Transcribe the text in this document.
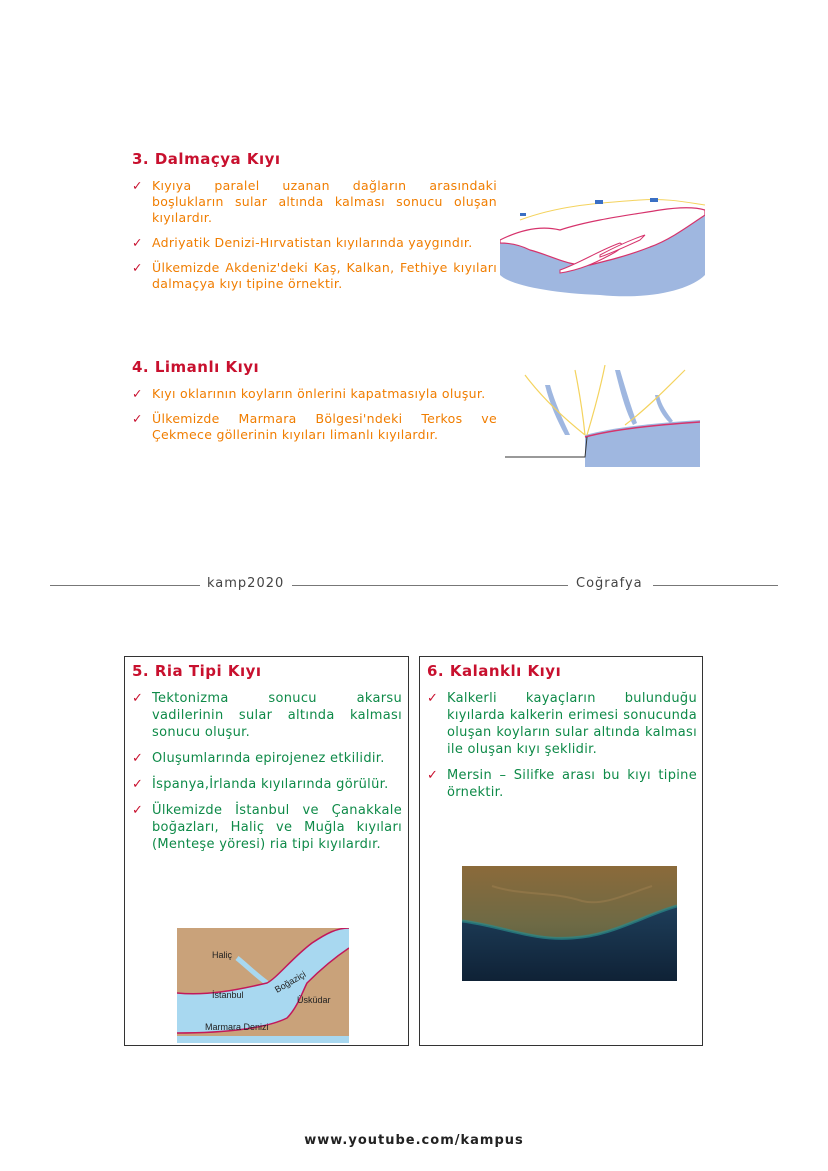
3. Dalmaçya Kıyı
✓ Kıyıya paralel uzanan dağların arasındaki boşlukların sular altında kalması sonucu oluşan kıyılardır.
✓ Adriyatik Denizi-Hırvatistan kıyılarında yaygındır.
✓ Ülkemizde Akdeniz'deki Kaş, Kalkan, Fethiye kıyıları dalmaçya kıyı tipine örnektir.
4. Limanlı Kıyı
✓ Kıyı oklarının koyların önlerini kapatmasıyla oluşur.
✓ Ülkemizde Marmara Bölgesi'ndeki Terkos ve Çekmece göllerinin kıyıları limanlı kıyılardır.
kamp2020	Coğrafya
5. Ria Tipi Kıyı
✓ Tektonizma sonucu akarsu vadilerinin sular altında kalması sonucu oluşur.
✓ Oluşumlarında epirojenez etkilidir.
✓ İspanya,İrlanda kıyılarında görülür.
✓ Ülkemizde İstanbul ve Çanakkale boğazları, Haliç ve Muğla kıyıları (Menteşe yöresi) ria tipi kıyılardır.
Haliç
İstanbul
Boğaziçi
Üsküdar
Marmara Denizi
6. Kalanklı Kıyı
✓ Kalkerli kayaçların bulunduğu kıyılarda kalkerin erimesi sonucunda oluşan koyların sular altında kalması ile oluşan kıyı şeklidir.
✓ Mersin – Silifke arası bu kıyı tipine örnektir.
www.youtube.com/kampus
